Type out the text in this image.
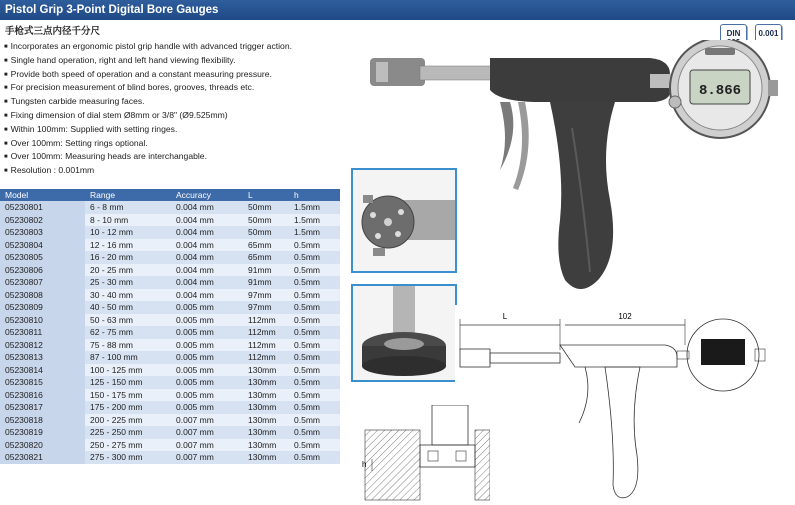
Pistol Grip 3-Point Digital Bore Gauges
手枪式三点内径千分尺
■ Incorporates an ergonomic pistol grip handle with advanced trigger action.
■ Single hand operation, right and left hand viewing flexibility.
■ Provide both speed of operation and a constant measuring pressure.
■ For precision measurement of blind bores, grooves, threads etc.
■ Tungsten carbide measuring faces.
■ Fixing dimension of dial stem Ø8mm or 3/8" (Ø9.525mm)
■ Within 100mm: Supplied with setting ringes.
■ Over 100mm: Setting rings optional.
■ Over 100mm: Measuring heads are interchangable.
■ Resolution : 0.001mm
DIN	0.001
Model	Range	Accuracy	L	h
05230801	6 - 8 mm	0.004 mm	50mm	1.5mm
05230802	8 - 10 mm	0.004 mm	50mm	1.5mm
05230803	10 - 12 mm	0.004 mm	50mm	1.5mm
05230804	12 - 16 mm	0.004 mm	65mm	0.5mm
05230805	16 - 20 mm	0.004 mm	65mm	0.5mm
05230806	20 - 25 mm	0.004 mm	91mm	0.5mm
05230807	25 - 30 mm	0.004 mm	91mm	0.5mm
05230808	30 - 40 mm	0.004 mm	97mm	0.5mm
05230809	40 - 50 mm	0.005 mm	97mm	0.5mm
05230810	50 - 63 mm	0.005 mm	112mm	0.5mm
05230811	62 - 75 mm	0.005 mm	112mm	0.5mm
05230812	75 - 88 mm	0.005 mm	112mm	0.5mm
05230813	87 - 100 mm	0.005 mm	112mm	0.5mm
05230814	100 - 125 mm	0.005 mm	130mm	0.5mm
05230815	125 - 150 mm	0.005 mm	130mm	0.5mm
05230816	150 - 175 mm	0.005 mm	130mm	0.5mm
05230817	175 - 200 mm	0.005 mm	130mm	0.5mm
05230818	200 - 225 mm	0.007 mm	130mm	0.5mm
05230819	225 - 250 mm	0.007 mm	130mm	0.5mm
05230820	250 - 275 mm	0.007 mm	130mm	0.5mm
05230821	275 - 300 mm	0.007 mm	130mm	0.5mm
8.866
L	102
h
